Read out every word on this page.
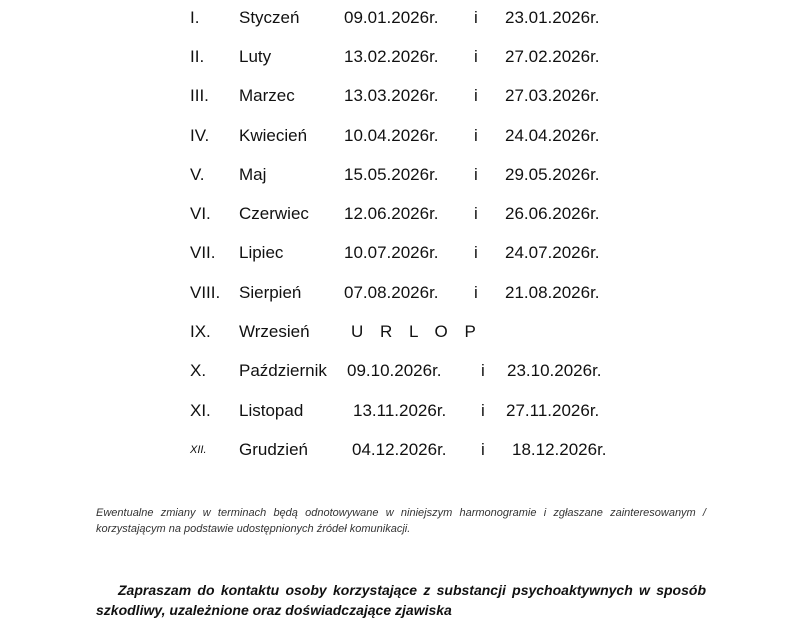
I. Styczeń	09.01.2026r. i 23.01.2026r.
II. Luty	13.02.2026r. i 27.02.2026r.
III. Marzec	13.03.2026r. i 27.03.2026r.
IV. Kwiecień 10.04.2026r. i 24.04.2026r.
V. Maj	15.05.2026r. i 29.05.2026r.
VI. Czerwiec 12.06.2026r. i 26.06.2026r.
VII. Lipiec	10.07.2026r. i 24.07.2026r.
VIII. Sierpień	07.08.2026r. i 21.08.2026r.
IX. Wrzesień U R L O P
X. Październik 09.10.2026r. i 23.10.2026r.
XI. Listopad	13.11.2026r. i 27.11.2026r.
XII. Grudzień	04.12.2026r. i 18.12.2026r.

Ewentualne zmiany w terminach będą odnotowywane w niniejszym harmonogramie i zgłaszane zainteresowanym / korzystającym na podstawie udostępnionych źródeł komunikacji.

Zapraszam do kontaktu osoby korzystające z substancji psychoaktywnych w sposób szkodliwy, uzależnione oraz doświadczające zjawiska
